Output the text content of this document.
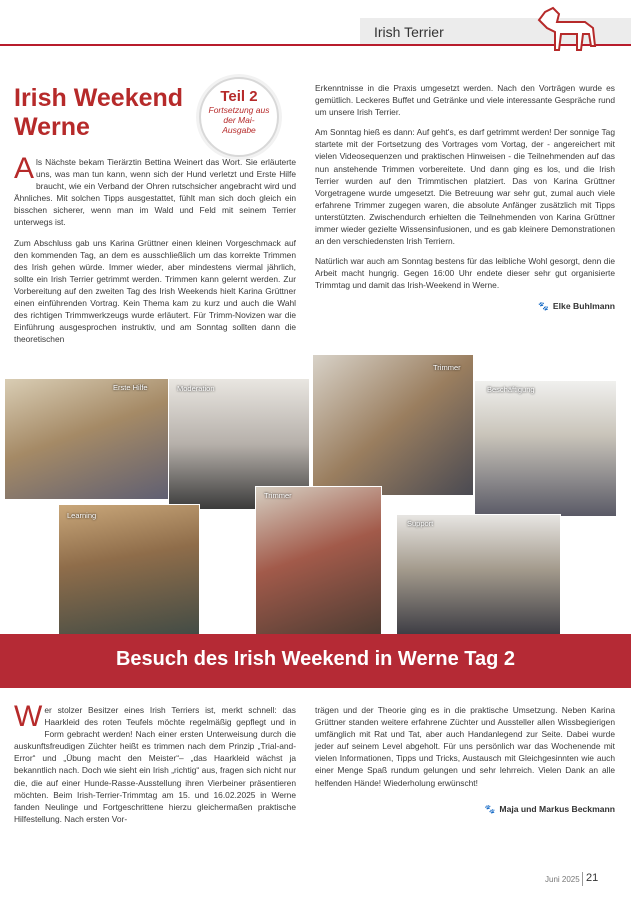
Irish Terrier
Irish Weekend Werne
Teil 2
Fortsetzung aus der Mai-Ausgabe

Als Nächste bekam Tierärztin Bettina Weinert das Wort. Sie erläuterte uns, was man tun kann, wenn sich der Hund verletzt und Erste Hilfe braucht, wie ein Verband der Ohren rutschsicher angebracht wird und Ähnliches. Mit solchen Tipps ausgestattet, fühlt man sich doch gleich ein bisschen sicherer, wenn man im Wald und Feld mit seinem Terrier unterwegs ist.

Zum Abschluss gab uns Karina Grüttner einen kleinen Vorgeschmack auf den kommenden Tag, an dem es ausschließlich um das korrekte Trimmen des Irish gehen würde. Immer wieder, aber mindestens viermal jährlich, sollte ein Irish Terrier getrimmt werden. Trimmen kann gelernt werden. Zur Vorbereitung auf den zweiten Tag des Irish Weekends hielt Karina Grüttner einen einführenden Vortrag. Kein Thema kam zu kurz und auch die Wahl des richtigen Trimmwerkzeugs wurde erläutert. Für Trimm-Novizen war die Einführung ausgesprochen instruktiv, und am Sonntag sollten dann die theoretischen

Erkenntnisse in die Praxis umgesetzt werden. Nach den Vorträgen wurde es gemütlich. Leckeres Buffet und Getränke und viele interessante Gespräche rund um unsere Irish Terrier.

Am Sonntag hieß es dann: Auf geht's, es darf getrimmt werden! Der sonnige Tag startete mit der Fortsetzung des Vortrages vom Vortag, der - angereichert mit vielen Videosequenzen und praktischen Hinweisen - die Teilnehmenden auf das nun anstehende Trimmen vorbereitete. Und dann ging es los, und die Irish Terrier wurden auf den Trimmtischen platziert. Das von Karina Grüttner Vorgetragene wurde umgesetzt. Die Betreuung war sehr gut, zumal auch viele erfahrene Trimmer zugegen waren, die absolute Anfänger zusätzlich mit Tipps unterstützten. Zwischendurch erhielten die Teilnehmenden von Karina Grüttner immer wieder gezielte Wissensinfusionen, und es gab kleinere Demonstrationen an den verschiedensten Irish Terriern.

Natürlich war auch am Sonntag bestens für das leibliche Wohl gesorgt, denn die Arbeit macht hungrig. Gegen 16:00 Uhr endete dieser sehr gut organisierte Trimmtag und damit das Irish-Weekend in Werne.

🐾 Elke Buhlmann
Erste Hilfe	Moderation
Trimmer
Beschäftigung
Learning
Trimmer
Support
Besuch des Irish Weekend in Werne Tag 2

Wer stolzer Besitzer eines Irish Terriers ist, merkt schnell: das Haarkleid des roten Teufels möchte regelmäßig gepflegt und in Form gebracht werden! Nach einer ersten Unterweisung durch die auskunftsfreudigen Züchter heißt es trimmen nach dem Prinzip „Trial-and-Error“ und „Übung macht den Meister“– „das Haarkleid wächst ja bekanntlich nach. Doch wie sieht ein Irish „richtig“ aus, fragen sich nicht nur die, die auf einer Hunde-Rasse-Ausstellung ihren Vierbeiner präsentieren möchten. Beim Irish-Terrier-Trimmtag am 15. und 16.02.2025 in Werne fanden Neulinge und Fortgeschrittene hierzu gleichermaßen praktische Hilfestellung. Nach ersten Vor-

trägen und der Theorie ging es in die praktische Umsetzung. Neben Karina Grüttner standen weitere erfahrene Züchter und Aussteller allen Wissbegierigen umfänglich mit Rat und Tat, aber auch Handanlegend zur Seite. Dabei wurde jeder auf seinem Level abgeholt. Für uns persönlich war das Wochenende mit vielen Informationen, Tipps und Tricks, Austausch mit Gleichgesinnten wie auch einer Menge Spaß rundum gelungen und sehr lehrreich. Vielen Dank an alle helfenden Hände! Wiederholung erwünscht!

🐾 Maja und Markus Beckmann
Juni 2025 21
